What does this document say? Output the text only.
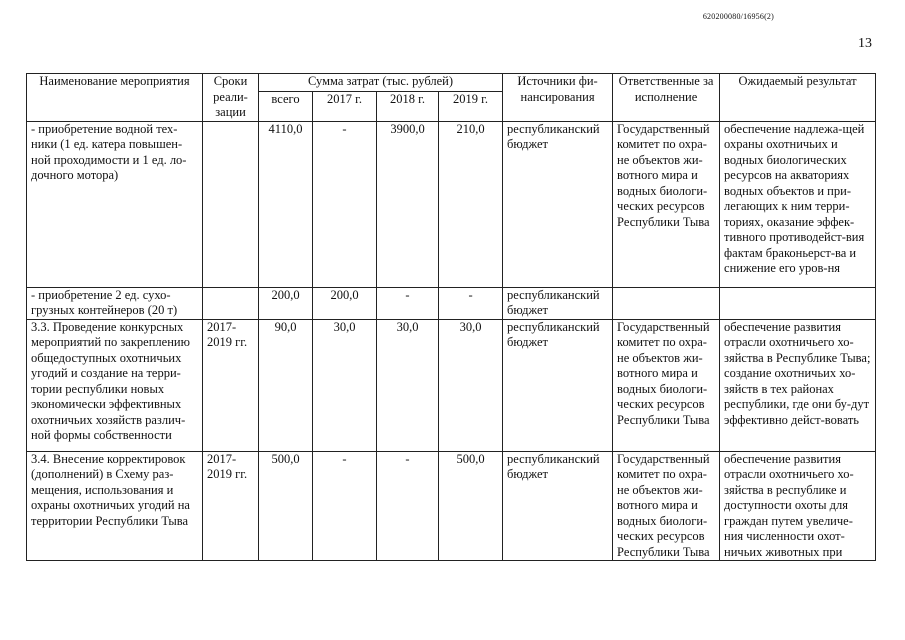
620200080/16956(2)
13
Наименование мероприятия	Сроки реали-зации	Сумма затрат (тыс. рублей)				Источники фи-нансирования	Ответственные за исполнение	Ожидаемый результат
		всего	2017 г.	2018 г.	2019 г.			
- приобретение водной тех-ники (1 ед. катера повышен-ной проходимости и 1 ед. ло-дочного мотора)		4110,0	-	3900,0	210,0	республиканский бюджет	Государственный комитет по охра-не объектов жи-вотного мира и водных биологи-ческих ресурсов Республики Тыва	обеспечение надлежа-щей охраны охотничьих и водных биологических ресурсов на акваториях водных объектов и при-легающих к ним терри-ториях, оказание эффек-тивного противодейст-вия фактам браконьерст-ва и снижение его уров-ня
- приобретение 2 ед. сухо-грузных контейнеров (20 т)		200,0	200,0	-	-	республиканский бюджет		
3.3. Проведение конкурсных мероприятий по закреплению общедоступных охотничьих угодий и создание на терри-тории республики новых экономически эффективных охотничьих хозяйств различ-ной формы собственности	2017-2019 гг.	90,0	30,0	30,0	30,0	республиканский бюджет	Государственный комитет по охра-не объектов жи-вотного мира и водных биологи-ческих ресурсов Республики Тыва	обеспечение развития отрасли охотничьего хо-зяйства в Республике Тыва; создание охотничьих хо-зяйств в тех районах республики, где они бу-дут эффективно дейст-вовать
3.4. Внесение корректировок (дополнений) в Схему раз-мещения, использования и охраны охотничьих угодий на территории Республики Тыва	2017-2019 гг.	500,0	-	-	500,0	республиканский бюджет	Государственный комитет по охра-не объектов жи-вотного мира и водных биологи-ческих ресурсов Республики Тыва	обеспечение развития отрасли охотничьего хо-зяйства в республике и доступности охоты для граждан путем увеличе-ния численности охот-ничьих животных при
